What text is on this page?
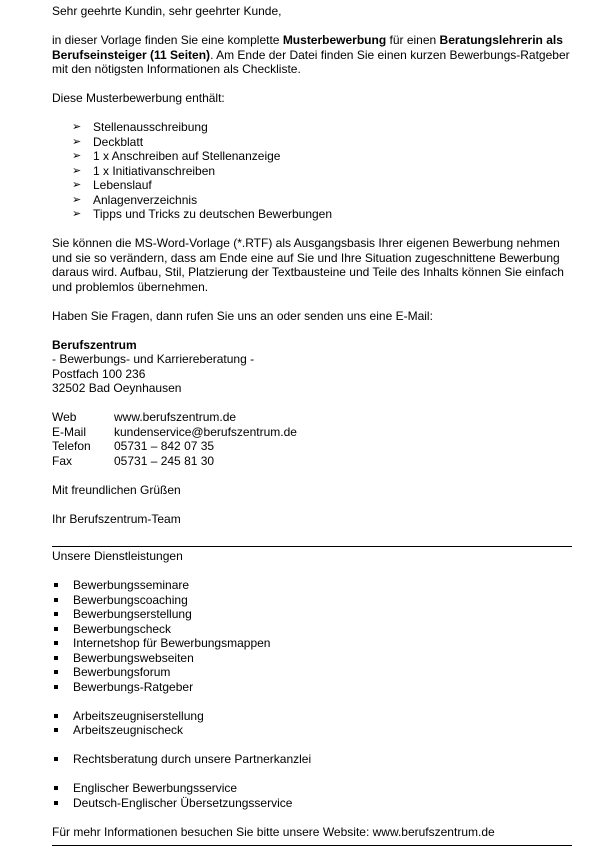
Sehr geehrte Kundin, sehr geehrter Kunde,

in dieser Vorlage finden Sie eine komplette Musterbewerbung für einen Beratungslehrerin als Berufseinsteiger (11 Seiten). Am Ende der Datei finden Sie einen kurzen Bewerbungs-Ratgeber mit den nötigsten Informationen als Checkliste.

Diese Musterbewerbung enthält:

➢ Stellenausschreibung
➢ Deckblatt
➢ 1 x Anschreiben auf Stellenanzeige
➢ 1 x Initiativanschreiben
➢ Lebenslauf
➢ Anlagenverzeichnis
➢ Tipps und Tricks zu deutschen Bewerbungen

Sie können die MS-Word-Vorlage (*.RTF) als Ausgangsbasis Ihrer eigenen Bewerbung nehmen und sie so verändern, dass am Ende eine auf Sie und Ihre Situation zugeschnittene Bewerbung daraus wird. Aufbau, Stil, Platzierung der Textbausteine und Teile des Inhalts können Sie einfach und problemlos übernehmen.

Haben Sie Fragen, dann rufen Sie uns an oder senden uns eine E-Mail:

Berufszentrum

- Bewerbungs- und Karriereberatung -

Postfach 100 236

32502 Bad Oeynhausen

Web	www.berufszentrum.de
E-Mail	kundenservice@berufszentrum.de
Telefon	05731 – 842 07 35
Fax	05731 – 245 81 30

Mit freundlichen Grüßen

Ihr Berufszentrum-Team

Unsere Dienstleistungen

Bewerbungsseminare
Bewerbungscoaching
Bewerbungserstellung
Bewerbungscheck
Internetshop für Bewerbungsmappen
Bewerbungswebseiten
Bewerbungsforum
Bewerbungs-Ratgeber
Arbeitszeugniserstellung
Arbeitszeugnischeck
Rechtsberatung durch unsere Partnerkanzlei
Englischer Bewerbungsservice
Deutsch-Englischer Übersetzungsservice

Für mehr Informationen besuchen Sie bitte unsere Website: www.berufszentrum.de
